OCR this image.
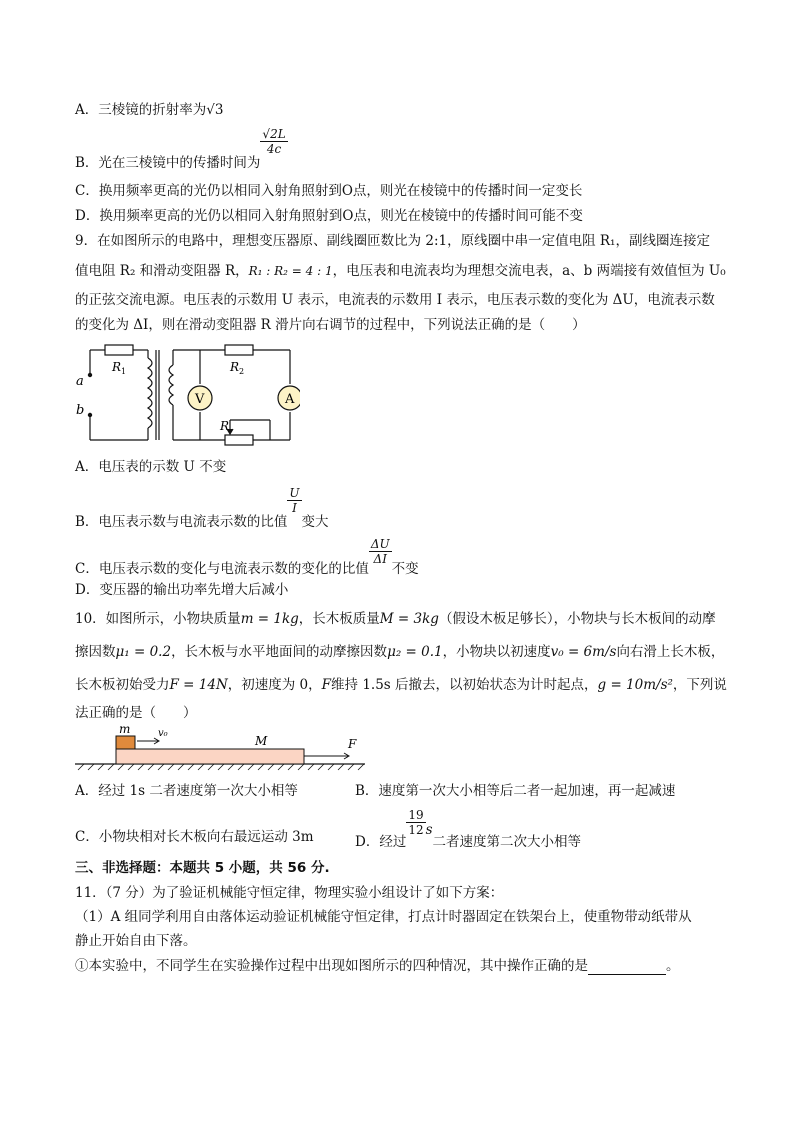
A．三棱镜的折射率为√3
B．光在三棱镜中的传播时间为
$\frac{√2L}{4c}$
C．换用频率更高的光仍以相同入射角照射到O点，则光在棱镜中的传播时间一定变长
D．换用频率更高的光仍以相同入射角照射到O点，则光在棱镜中的传播时间可能不变
9．在如图所示的电路中，理想变压器原、副线圈匝数比为 2:1，原线圈中串一定值电阻 R₁，副线圈连接定
值电阻 R₂ 和滑动变阻器 R，R₁ : R₂ = 4 : 1，电压表和电流表均为理想交流电表，a、b 两端接有效值恒为 U₀
的正弦交流电源。电压表的示数用 U 表示，电流表的示数用 I 表示，电压表示数的变化为 ΔU，电流表示数
的变化为 ΔI，则在滑动变阻器 R 滑片向右调节的过程中，下列说法正确的是（　　）
a
b
R 1	R 2
R
V	A
A．电压表的示数 U 不变
B．电压表示数与电流表示数的比值
$\frac{U}{I}$
变大
C．电压表示数的变化与电流表示数的变化的比值
$\frac{\Delta U}{\Delta I}$
不变
D．变压器的输出功率先增大后减小
10．如图所示，小物块质量m = 1kg，长木板质量M = 3kg（假设木板足够长），小物块与长木板间的动摩
擦因数μ₁ = 0.2，长木板与水平地面间的动摩擦因数μ₂ = 0.1，小物块以初速度v₀ = 6m/s向右滑上长木板，
长木板初始受力F = 14N，初速度为 0，F维持 1.5s 后撤去，以初始状态为计时起点，g = 10m/s²，下列说
法正确的是（　　）
m	v₀
M	F
A．经过 1s 二者速度第一次大小相等	B．速度第一次大小相等后二者一起加速，再一起减速
C．小物块相对长木板向右最远运动 3m	D．经过
$\frac{19}{12}$ s二者速度第二次大小相等
三、非选择题：本题共 5 小题，共 56 分.
11．（7 分）为了验证机械能守恒定律，物理实验小组设计了如下方案：
（1）A 组同学利用自由落体运动验证机械能守恒定律，打点计时器固定在铁架台上，使重物带动纸带从
静止开始自由下落。
①本实验中，不同学生在实验操作过程中出现如图所示的四种情况，其中操作正确的是	。
